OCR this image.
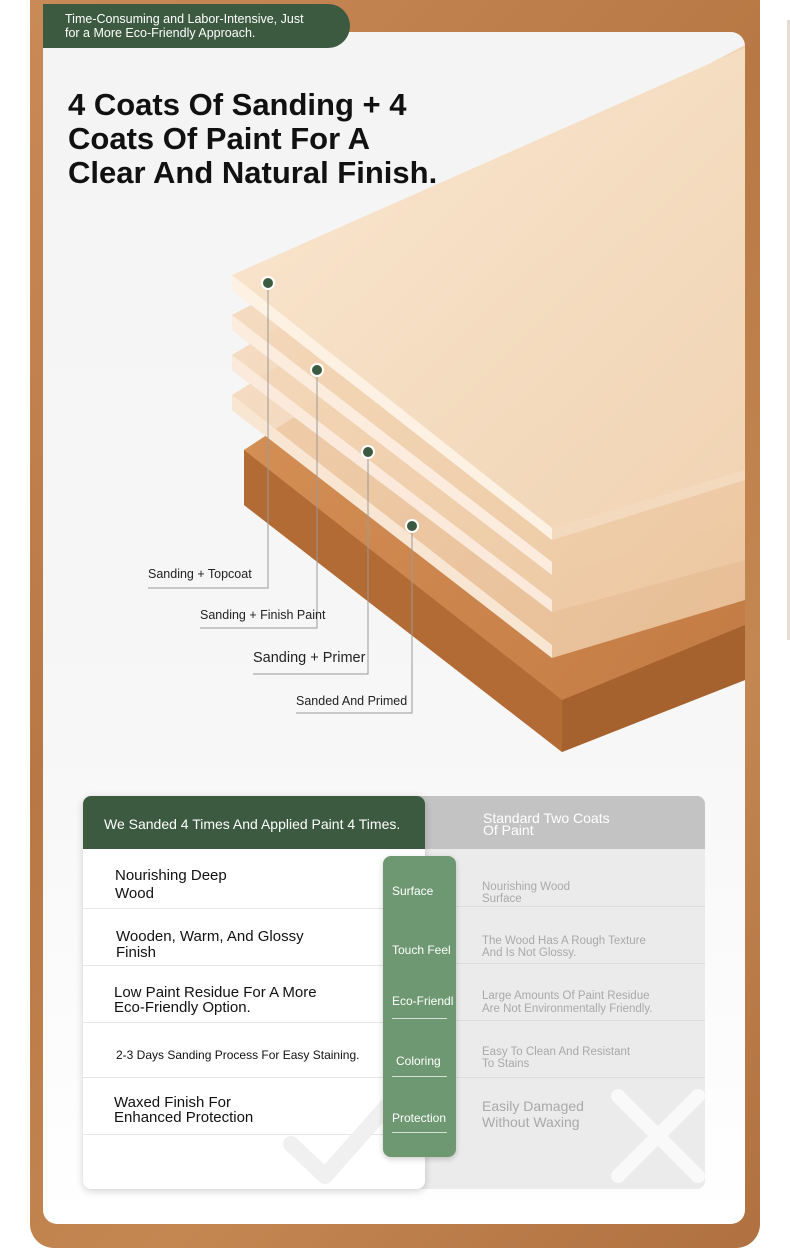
Time-Consuming and Labor-Intensive, Just
for a More Eco-Friendly Approach.
4 Coats Of Sanding + 4
Coats Of Paint For A
Clear And Natural Finish.
Sanding + Topcoat
Sanding + Finish Paint
Sanding + Primer
Sanded And Primed
Standard Two Coats
Of Paint
Nourishing Wood
Surface
The Wood Has A Rough Texture
And Is Not Glossy.
Large Amounts Of Paint Residue
Are Not Environmentally Friendly.
Easy To Clean And Resistant
To Stains
Easily Damaged
Without Waxing
We Sanded 4 Times And Applied Paint 4 Times.
Nourishing Deep
Wood
Wooden, Warm, And Glossy
Finish
Low Paint Residue For A More
Eco-Friendly Option.
2-3 Days Sanding Process For Easy Staining.
Waxed Finish For
Enhanced Protection
Surface
Touch Feel
Eco-Friendl
Coloring
Protection
